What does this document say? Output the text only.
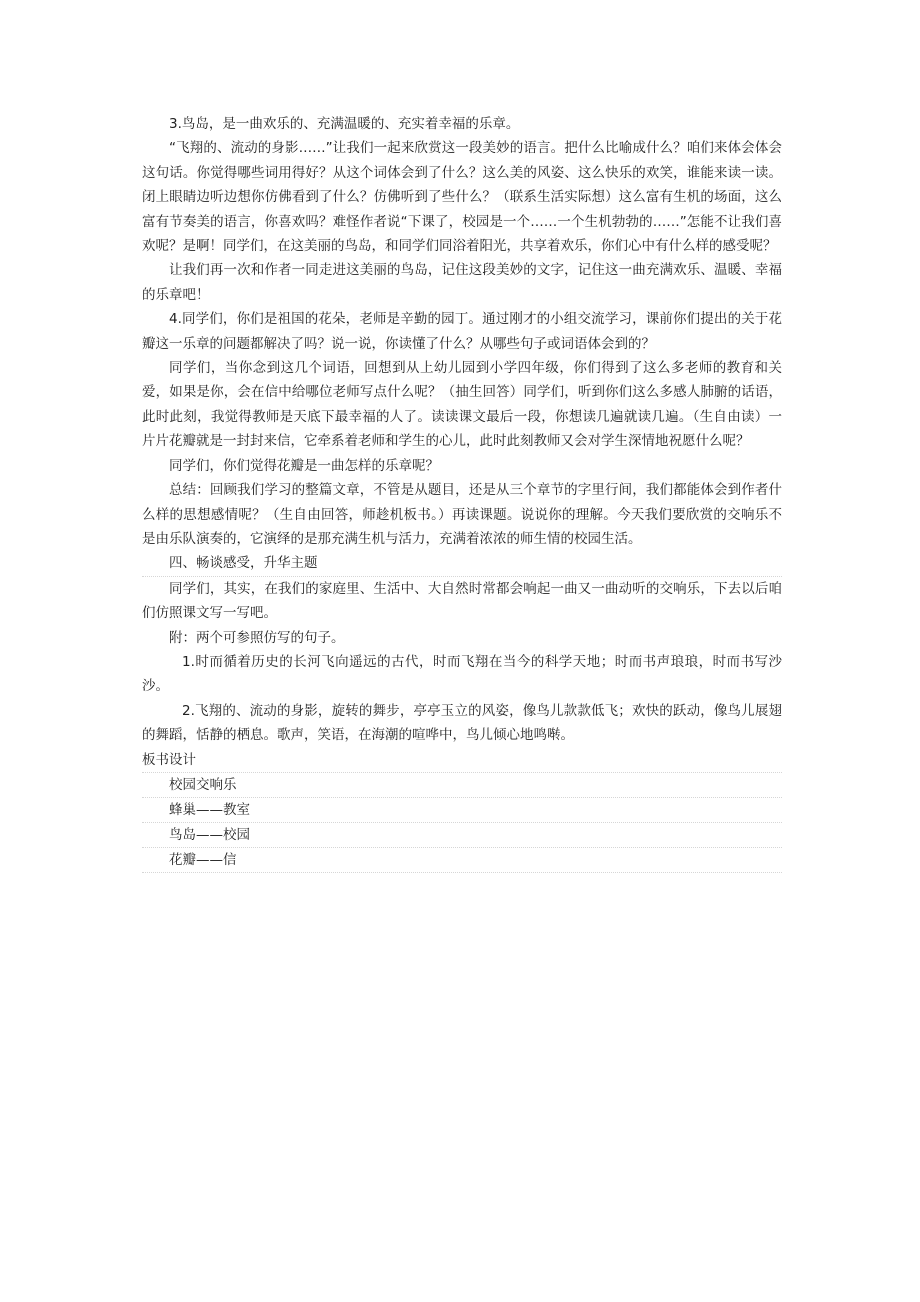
3.鸟岛，是一曲欢乐的、充满温暖的、充实着幸福的乐章。

“飞翔的、流动的身影……”让我们一起来欣赏这一段美妙的语言。把什么比喻成什么？咱们来体会体会这句话。你觉得哪些词用得好？从这个词体会到了什么？这么美的风姿、这么快乐的欢笑，谁能来读一读。闭上眼睛边听边想你仿佛看到了什么？仿佛听到了些什么？（联系生活实际想）这么富有生机的场面，这么富有节奏美的语言，你喜欢吗？难怪作者说“下课了，校园是一个……一个生机勃勃的……”怎能不让我们喜欢呢？是啊！同学们，在这美丽的鸟岛，和同学们同浴着阳光，共享着欢乐，你们心中有什么样的感受呢？

让我们再一次和作者一同走进这美丽的鸟岛，记住这段美妙的文字，记住这一曲充满欢乐、温暖、幸福的乐章吧！

4.同学们，你们是祖国的花朵，老师是辛勤的园丁。通过刚才的小组交流学习，课前你们提出的关于花瓣这一乐章的问题都解决了吗？说一说，你读懂了什么？从哪些句子或词语体会到的？

同学们，当你念到这几个词语，回想到从上幼儿园到小学四年级，你们得到了这么多老师的教育和关爱，如果是你，会在信中给哪位老师写点什么呢？（抽生回答）同学们，听到你们这么多感人肺腑的话语，此时此刻，我觉得教师是天底下最幸福的人了。读读课文最后一段，你想读几遍就读几遍。（生自由读）一片片花瓣就是一封封来信，它牵系着老师和学生的心儿，此时此刻教师又会对学生深情地祝愿什么呢？

同学们，你们觉得花瓣是一曲怎样的乐章呢？

总结：回顾我们学习的整篇文章，不管是从题目，还是从三个章节的字里行间，我们都能体会到作者什么样的思想感情呢？（生自由回答，师趁机板书。）再读课题。说说你的理解。今天我们要欣赏的交响乐不是由乐队演奏的，它演绎的是那充满生机与活力，充满着浓浓的师生情的校园生活。

四、畅谈感受，升华主题

同学们，其实，在我们的家庭里、生活中、大自然时常都会响起一曲又一曲动听的交响乐，下去以后咱们仿照课文写一写吧。

附：两个可参照仿写的句子。

1.时而循着历史的长河飞向遥远的古代，时而飞翔在当今的科学天地；时而书声琅琅，时而书写沙沙。

2.飞翔的、流动的身影，旋转的舞步，亭亭玉立的风姿，像鸟儿款款低飞；欢快的跃动，像鸟儿展翅的舞蹈，恬静的栖息。歌声，笑语，在海潮的喧哗中，鸟儿倾心地鸣啭。

板书设计
校园交响乐
蜂巢——教室
鸟岛——校园
花瓣——信
